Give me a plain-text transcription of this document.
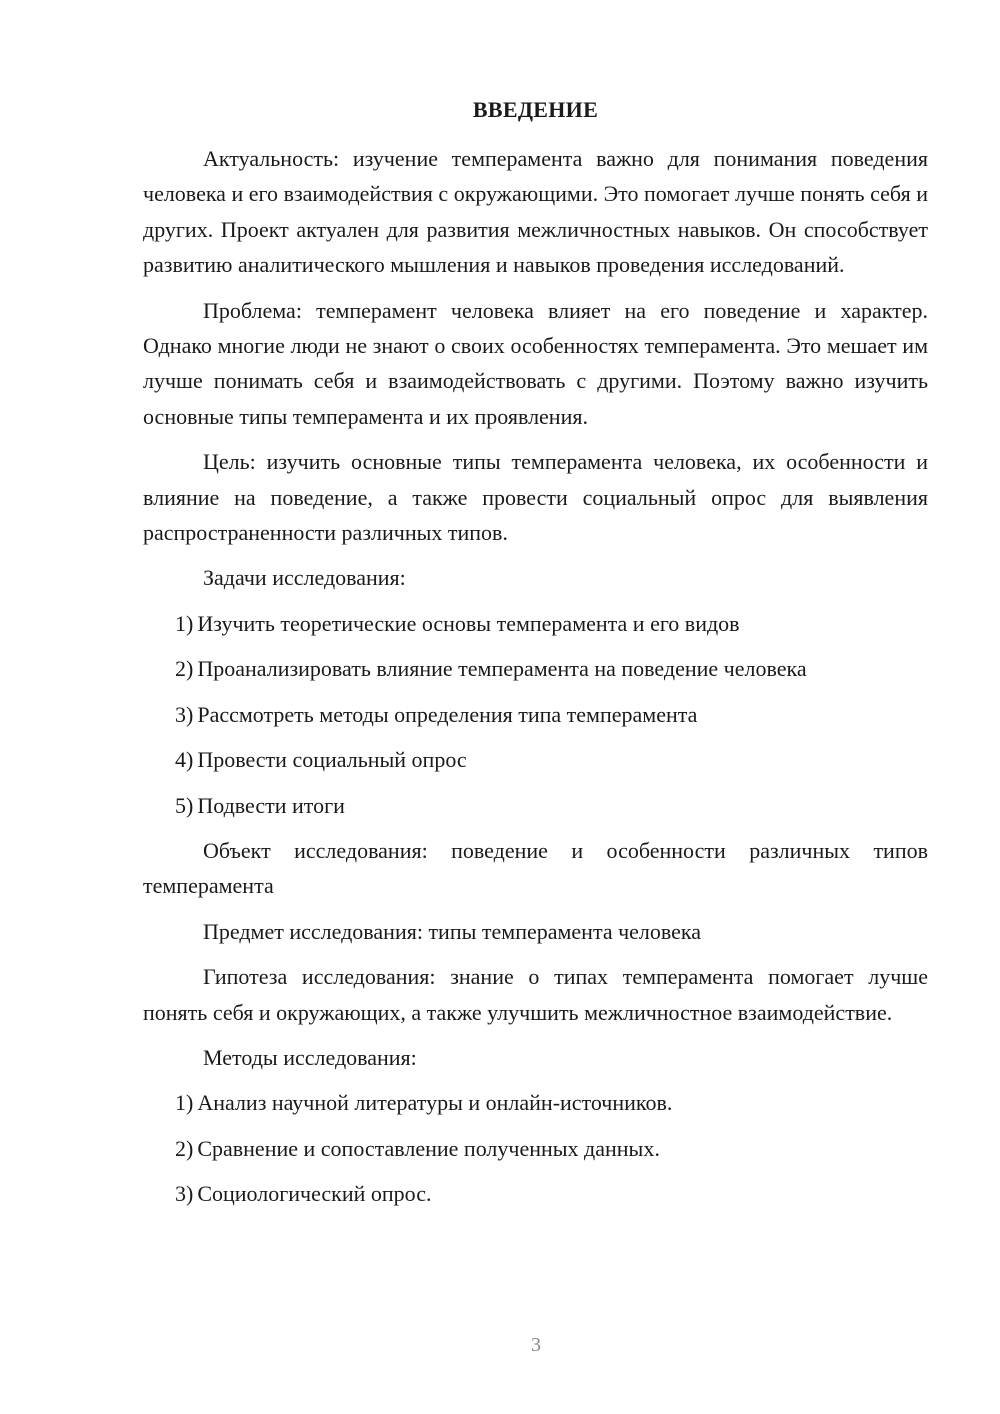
ВВЕДЕНИЕ

Актуальность: изучение темперамента важно для понимания поведения человека и его взаимодействия с окружающими. Это помогает лучше понять себя и других. Проект актуален для развития межличностных навыков. Он способствует развитию аналитического мышления и навыков проведения исследований.

Проблема: темперамент человека влияет на его поведение и характер. Однако многие люди не знают о своих особенностях темперамента. Это мешает им лучше понимать себя и взаимодействовать с другими. Поэтому важно изучить основные типы темперамента и их проявления.

Цель: изучить основные типы темперамента человека, их особенности и влияние на поведение, а также провести социальный опрос для выявления распространенности различных типов.

Задачи исследования:

1) Изучить теоретические основы темперамента и его видов
2) Проанализировать влияние темперамента на поведение человека
3) Рассмотреть методы определения типа темперамента
4) Провести социальный опрос
5) Подвести итоги

Объект исследования: поведение и особенности различных типов темперамента

Предмет исследования: типы темперамента человека

Гипотеза исследования: знание о типах темперамента помогает лучше понять себя и окружающих, а также улучшить межличностное взаимодействие.

Методы исследования:

1) Анализ научной литературы и онлайн-источников.
2) Сравнение и сопоставление полученных данных.
3) Социологический опрос.
3
